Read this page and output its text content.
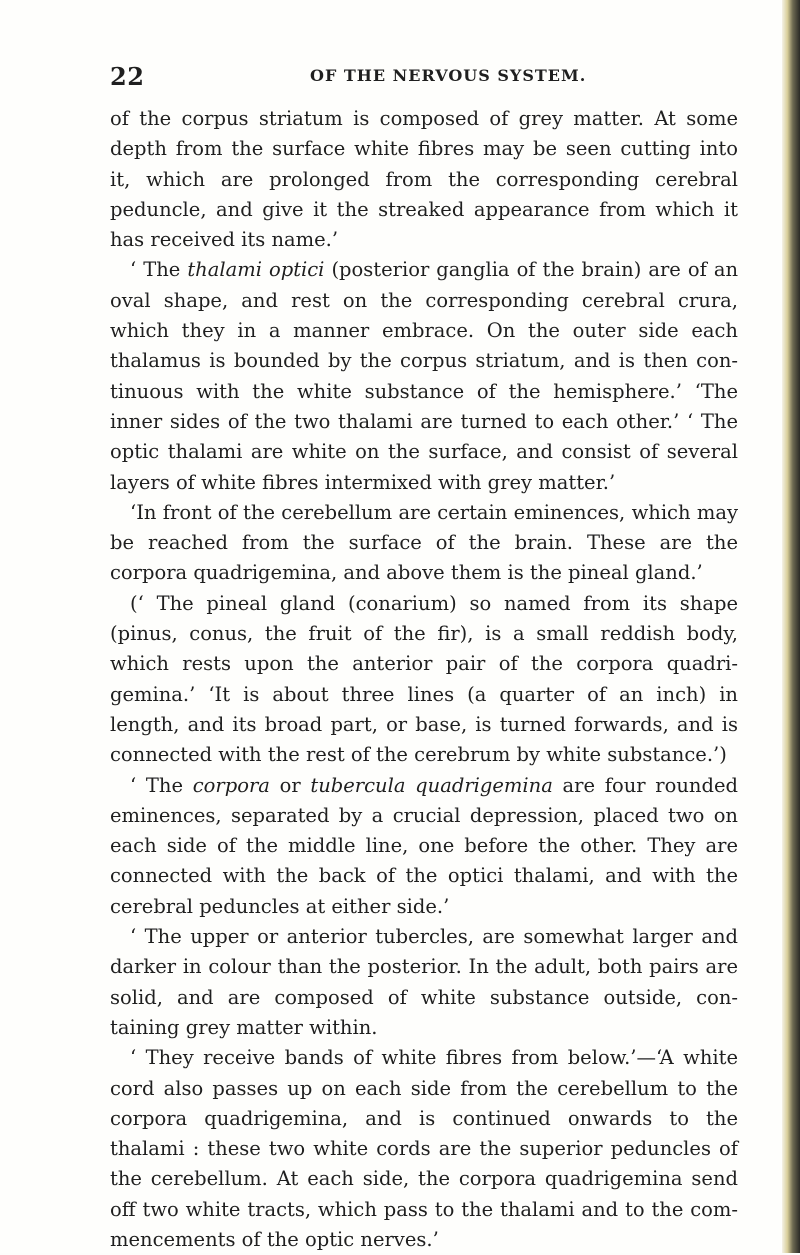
22	OF THE NERVOUS SYSTEM.

of the corpus striatum is composed of grey matter. At some depth from the surface white fibres may be seen cutting into it, which are prolonged from the corresponding cerebral peduncle, and give it the streaked appearance from which it has received its name.’

‘ The thalami optici (posterior ganglia of the brain) are of an oval shape, and rest on the corresponding cerebral crura, which they in a manner embrace. On the outer side each thalamus is bounded by the corpus striatum, and is then con-tinuous with the white substance of the hemisphere.’ ‘The inner sides of the two thalami are turned to each other.’ ‘ The optic thalami are white on the surface, and consist of several layers of white fibres intermixed with grey matter.’

‘In front of the cerebellum are certain eminences, which may be reached from the surface of the brain. These are the corpora quadrigemina, and above them is the pineal gland.’

(‘ The pineal gland (conarium) so named from its shape (pinus, conus, the fruit of the fir), is a small reddish body, which rests upon the anterior pair of the corpora quadri-gemina.’ ‘It is about three lines (a quarter of an inch) in length, and its broad part, or base, is turned forwards, and is connected with the rest of the cerebrum by white substance.’)

‘ The corpora or tubercula quadrigemina are four rounded eminences, separated by a crucial depression, placed two on each side of the middle line, one before the other. They are connected with the back of the optici thalami, and with the cerebral peduncles at either side.’

‘ The upper or anterior tubercles, are somewhat larger and darker in colour than the posterior. In the adult, both pairs are solid, and are composed of white substance outside, con-taining grey matter within.

‘ They receive bands of white fibres from below.’—‘A white cord also passes up on each side from the cerebellum to the corpora quadrigemina, and is continued onwards to the thalami : these two white cords are the superior peduncles of the cerebellum. At each side, the corpora quadrigemina send off two white tracts, which pass to the thalami and to the com-mencements of the optic nerves.’
